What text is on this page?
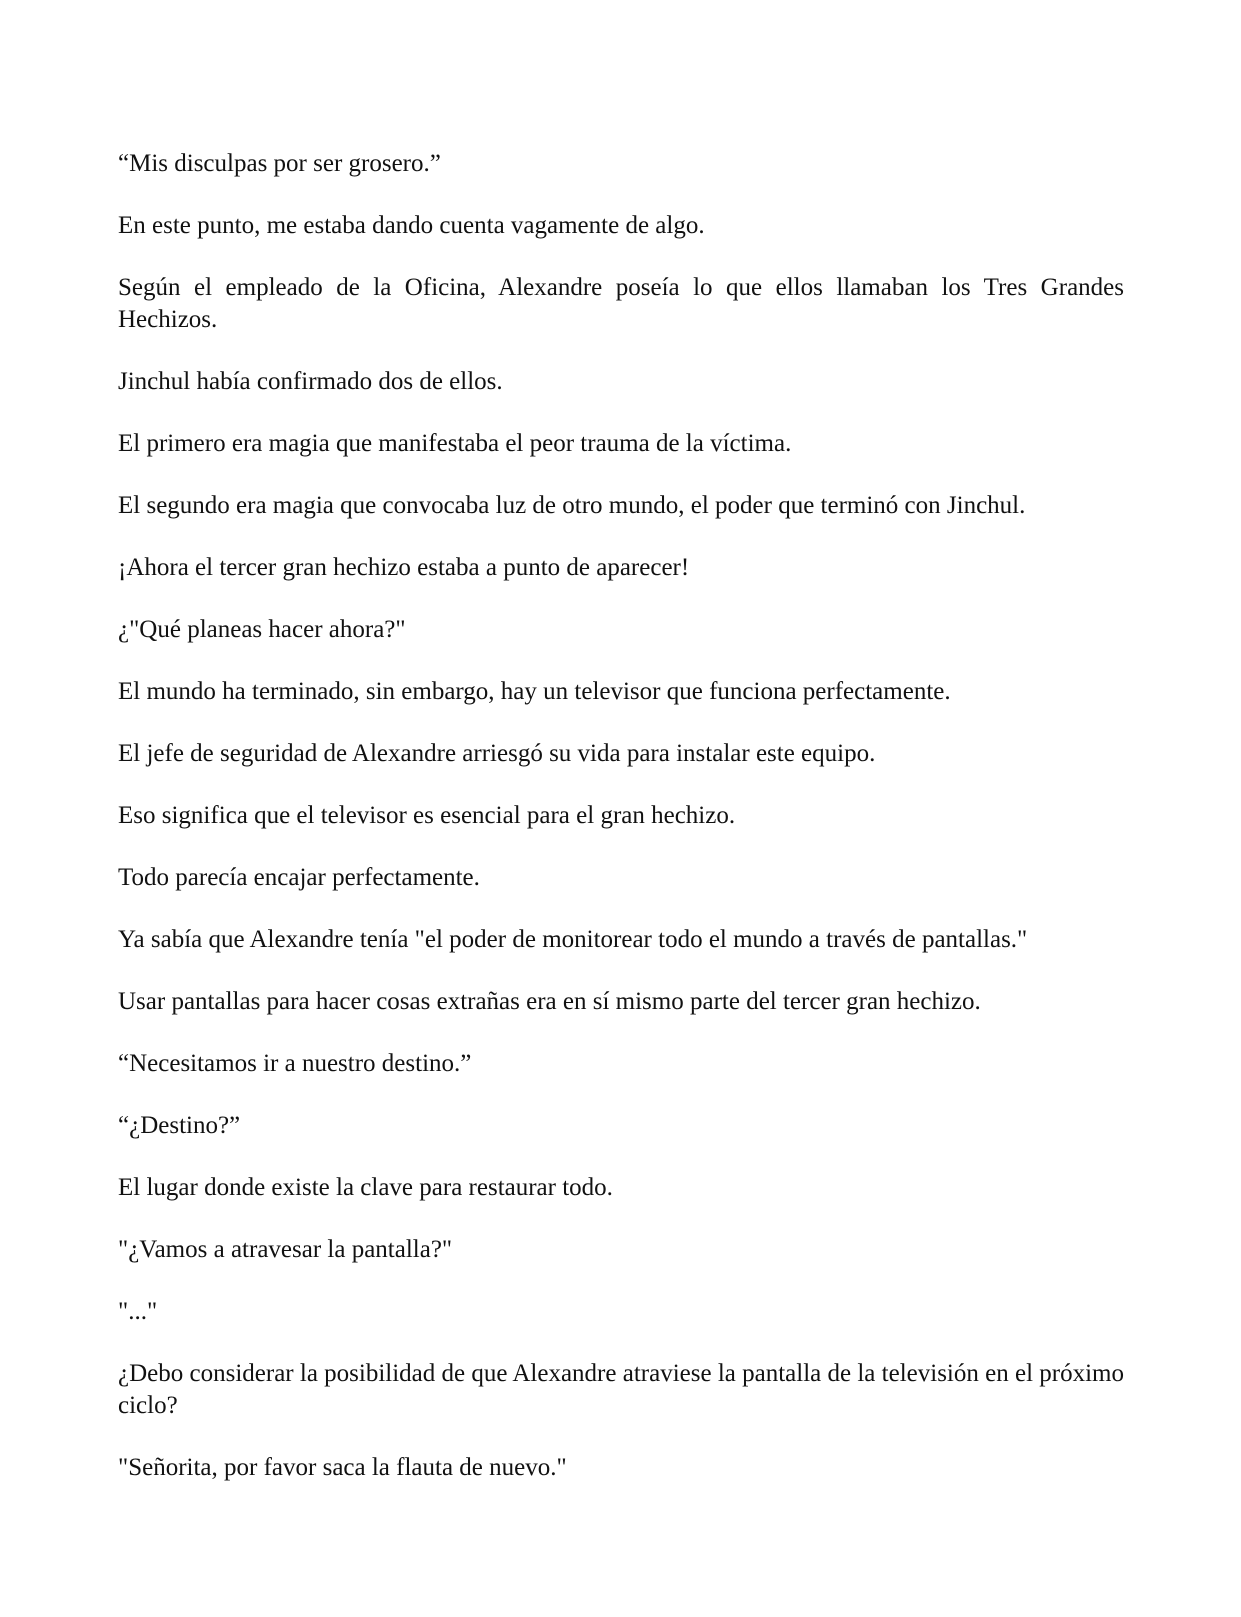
“Mis disculpas por ser grosero.”

En este punto, me estaba dando cuenta vagamente de algo.

Según el empleado de la Oficina, Alexandre poseía lo que ellos llamaban los Tres Grandes Hechizos.

Jinchul había confirmado dos de ellos.

El primero era magia que manifestaba el peor trauma de la víctima.

El segundo era magia que convocaba luz de otro mundo, el poder que terminó con Jinchul.

¡Ahora el tercer gran hechizo estaba a punto de aparecer!

¿"Qué planeas hacer ahora?"

El mundo ha terminado, sin embargo, hay un televisor que funciona perfectamente.

El jefe de seguridad de Alexandre arriesgó su vida para instalar este equipo.

Eso significa que el televisor es esencial para el gran hechizo.

Todo parecía encajar perfectamente.

Ya sabía que Alexandre tenía "el poder de monitorear todo el mundo a través de pantallas."

Usar pantallas para hacer cosas extrañas era en sí mismo parte del tercer gran hechizo.

“Necesitamos ir a nuestro destino.”

“¿Destino?”

El lugar donde existe la clave para restaurar todo.

"¿Vamos a atravesar la pantalla?"

"..."

¿Debo considerar la posibilidad de que Alexandre atraviese la pantalla de la televisión en el próximo ciclo?

"Señorita, por favor saca la flauta de nuevo."
